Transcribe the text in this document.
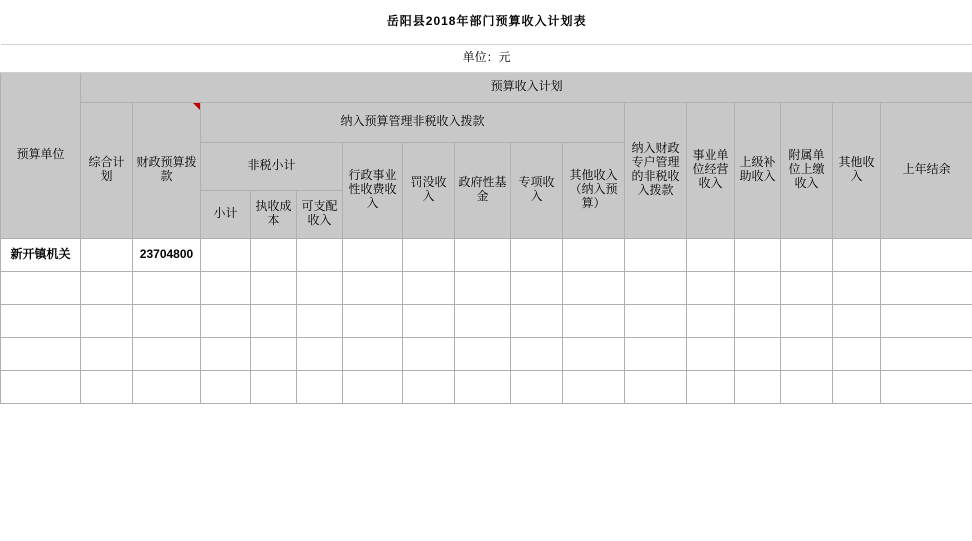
岳阳县2018年部门预算收入计划表																
单位：元																
预算单位	预算收入计划															
	综合计划	财政预算拨款	纳入预算管理非税收入拨款								纳入财政专户管理的非税收入拨款	事业单位经营收入	上级补助收入	附属单位上缴收入	其他收入	上年结余
			非税小计			行政事业性收费收入	罚没收入	政府性基金	专项收入	其他收入（纳入预算）						
			小计	执收成本	可支配收入											
新开镇机关		23704800														
